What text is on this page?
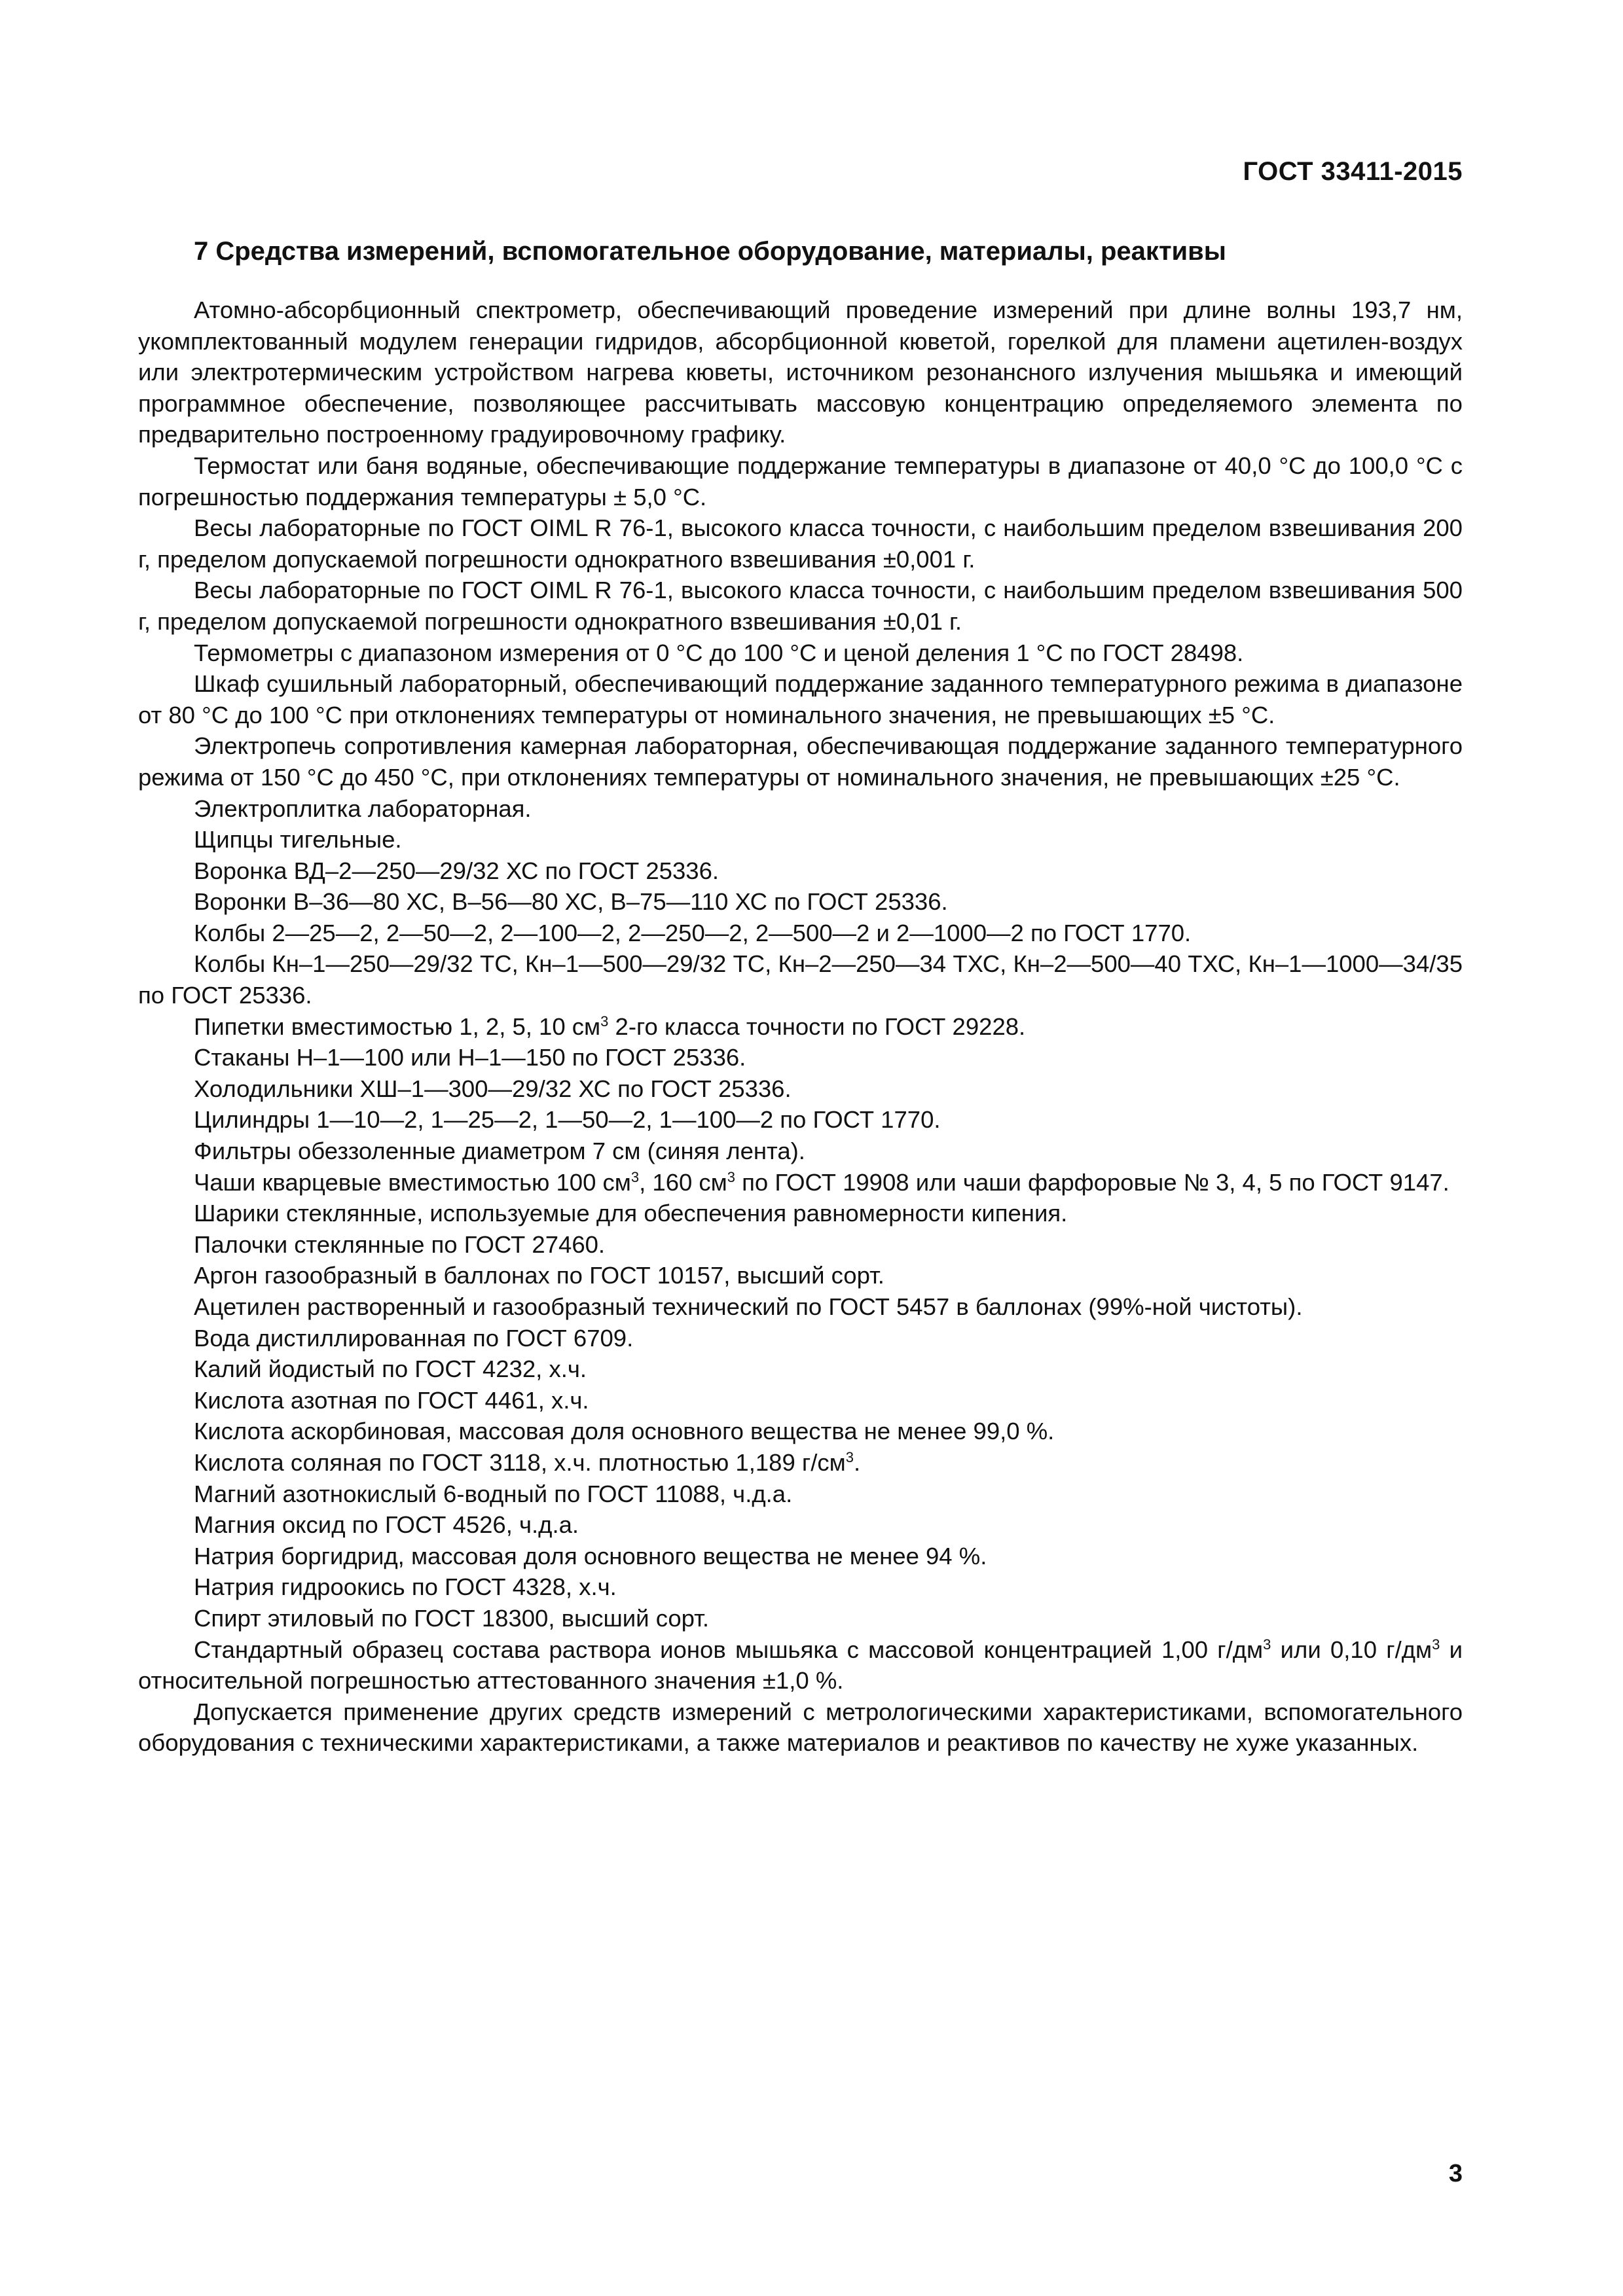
ГОСТ 33411-2015
7 Средства измерений, вспомогательное оборудование, материалы, реактивы

Атомно-абсорбционный спектрометр, обеспечивающий проведение измерений при длине волны 193,7 нм, укомплектованный модулем генерации гидридов, абсорбционной кюветой, горелкой для пламени ацетилен-воздух или электротермическим устройством нагрева кюветы, источником резонансного излучения мышьяка и имеющий программное обеспечение, позволяющее рассчитывать массовую концентрацию определяемого элемента по предварительно построенному градуировочному графику.

Термостат или баня водяные, обеспечивающие поддержание температуры в диапазоне от 40,0 °С до 100,0 °С с погрешностью поддержания температуры ± 5,0 °С.

Весы лабораторные по ГОСТ OIML R 76-1, высокого класса точности, с наибольшим пределом взвешивания 200 г, пределом допускаемой погрешности однократного взвешивания ±0,001 г.

Весы лабораторные по ГОСТ OIML R 76-1, высокого класса точности, с наибольшим пределом взвешивания 500 г, пределом допускаемой погрешности однократного взвешивания ±0,01 г.

Термометры с диапазоном измерения от 0 °С до 100 °С и ценой деления 1 °С по ГОСТ 28498.

Шкаф сушильный лабораторный, обеспечивающий поддержание заданного температурного режима в диапазоне от 80 °С до 100 °С при отклонениях температуры от номинального значения, не превышающих ±5 °С.

Электропечь сопротивления камерная лабораторная, обеспечивающая поддержание заданного температурного режима от 150 °С до 450 °С, при отклонениях температуры от номинального значения, не превышающих ±25 °С.

Электроплитка лабораторная.

Щипцы тигельные.

Воронка ВД–2—250—29/32 ХС по ГОСТ 25336.

Воронки В–36—80 ХС, В–56—80 ХС, В–75—110 ХС по ГОСТ 25336.

Колбы 2—25—2, 2—50—2, 2—100—2, 2—250—2, 2—500—2 и 2—1000—2 по ГОСТ 1770.

Колбы Кн–1—250—29/32 ТС, Кн–1—500—29/32 ТС, Кн–2—250—34 ТХС, Кн–2—500—40 ТХС, Кн–1—1000—34/35 по ГОСТ 25336.

Пипетки вместимостью 1, 2, 5, 10 $см^3$ 2-го класса точности по ГОСТ 29228.

Стаканы Н–1—100 или Н–1—150 по ГОСТ 25336.

Холодильники ХШ–1—300—29/32 ХС по ГОСТ 25336.

Цилиндры 1—10—2, 1—25—2, 1—50—2, 1—100—2 по ГОСТ 1770.

Фильтры обеззоленные диаметром 7 см (синяя лента).

Чаши кварцевые вместимостью 100 $см^3$, 160 $см^3$ по ГОСТ 19908 или чаши фарфоровые № 3, 4, 5 по ГОСТ 9147.

Шарики стеклянные, используемые для обеспечения равномерности кипения.

Палочки стеклянные по ГОСТ 27460.

Аргон газообразный в баллонах по ГОСТ 10157, высший сорт.

Ацетилен растворенный и газообразный технический по ГОСТ 5457 в баллонах (99%-ной чистоты).

Вода дистиллированная по ГОСТ 6709.

Калий йодистый по ГОСТ 4232, х.ч.

Кислота азотная по ГОСТ 4461, х.ч.

Кислота аскорбиновая, массовая доля основного вещества не менее 99,0 %.

Кислота соляная по ГОСТ 3118, х.ч. плотностью 1,189 $г/см^3$.

Магний азотнокислый 6-водный по ГОСТ 11088, ч.д.а.

Магния оксид по ГОСТ 4526, ч.д.а.

Натрия боргидрид, массовая доля основного вещества не менее 94 %.

Натрия гидроокись по ГОСТ 4328, х.ч.

Спирт этиловый по ГОСТ 18300, высший сорт.

Стандартный образец состава раствора ионов мышьяка с массовой концентрацией 1,00 $г/дм^3$ или 0,10 $г/дм^3$ и относительной погрешностью аттестованного значения ±1,0 %.

Допускается применение других средств измерений с метрологическими характеристиками, вспомогательного оборудования с техническими характеристиками, а также материалов и реактивов по качеству не хуже указанных.

3
